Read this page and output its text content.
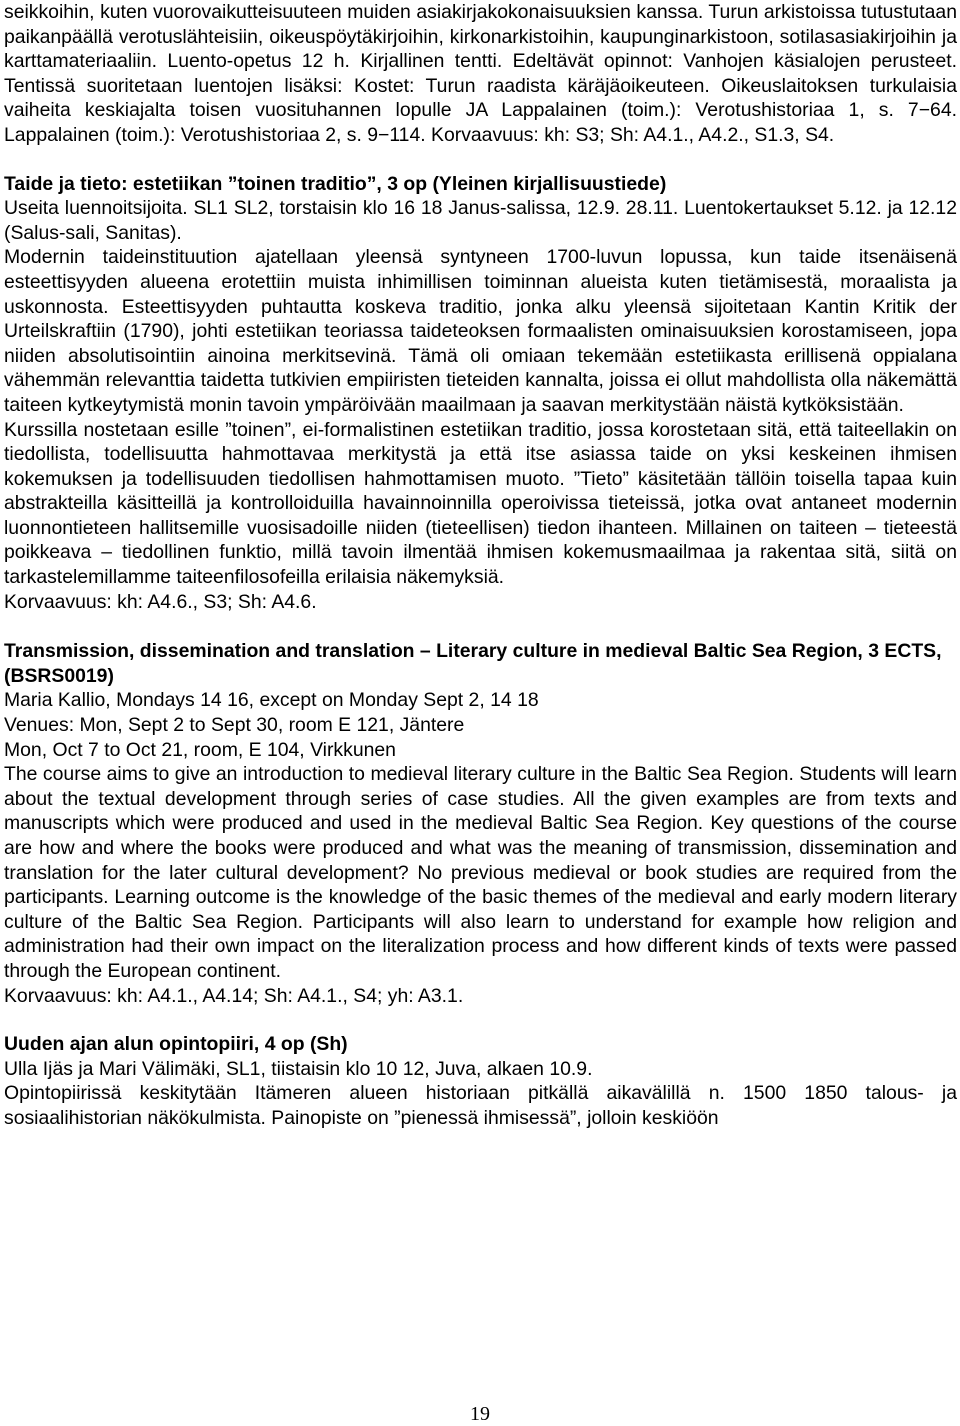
seikkoihin, kuten vuorovaikutteisuuteen muiden asiakirjakokonaisuuksien kanssa. Turun arkistoissa tutustutaan paikanpäällä verotuslähteisiin, oikeuspöytäkirjoihin, kirkonarkistoihin, kaupunginarkistoon, sotilasasiakirjoihin ja karttamateriaaliin. Luento-opetus 12 h. Kirjallinen tentti. Edeltävät opinnot: Vanhojen käsialojen perusteet. Tentissä suoritetaan luentojen lisäksi: Kostet: Turun raadista käräjäoikeuteen. Oikeuslaitoksen turkulaisia vaiheita keskiajalta toisen vuosituhannen lopulle JA Lappalainen (toim.): Verotushistoriaa 1, s. 7−64. Lappalainen (toim.): Verotushistoriaa 2, s. 9−114. Korvaavuus: kh: S3; Sh: A4.1., A4.2., S1.3, S4.

Taide ja tieto: estetiikan ”toinen traditio”, 3 op (Yleinen kirjallisuustiede)

Useita luennoitsijoita. SL1 SL2, torstaisin klo 16 18 Janus-salissa, 12.9. 28.11. Luentokertaukset 5.12. ja 12.12 (Salus-sali, Sanitas).

Modernin taideinstituution ajatellaan yleensä syntyneen 1700-luvun lopussa, kun taide itsenäisenä esteettisyyden alueena erotettiin muista inhimillisen toiminnan alueista kuten tietämisestä, moraalista ja uskonnosta. Esteettisyyden puhtautta koskeva traditio, jonka alku yleensä sijoitetaan Kantin Kritik der Urteilskraftiin (1790), johti estetiikan teoriassa taideteoksen formaalisten ominaisuuksien korostamiseen, jopa niiden absolutisointiin ainoina merkitsevinä. Tämä oli omiaan tekemään estetiikasta erillisenä oppialana vähemmän relevanttia taidetta tutkivien empiiristen tieteiden kannalta, joissa ei ollut mahdollista olla näkemättä taiteen kytkeytymistä monin tavoin ympäröivään maailmaan ja saavan merkitystään näistä kytköksistään.

Kurssilla nostetaan esille ”toinen”, ei-formalistinen estetiikan traditio, jossa korostetaan sitä, että taiteellakin on tiedollista, todellisuutta hahmottavaa merkitystä ja että itse asiassa taide on yksi keskeinen ihmisen kokemuksen ja todellisuuden tiedollisen hahmottamisen muoto. ”Tieto” käsitetään tällöin toisella tapaa kuin abstrakteilla käsitteillä ja kontrolloiduilla havainnoinnilla operoivissa tieteissä, jotka ovat antaneet modernin luonnontieteen hallitsemille vuosisadoille niiden (tieteellisen) tiedon ihanteen. Millainen on taiteen – tieteestä poikkeava – tiedollinen funktio, millä tavoin ilmentää ihmisen kokemusmaailmaa ja rakentaa sitä, siitä on tarkastelemillamme taiteenfilosofeilla erilaisia näkemyksiä.

Korvaavuus: kh: A4.6., S3; Sh: A4.6.

Transmission, dissemination and translation – Literary culture in medieval Baltic Sea Region, 3 ECTS, (BSRS0019)

Maria Kallio, Mondays 14 16, except on Monday Sept 2, 14 18

Venues: Mon, Sept 2 to Sept 30, room E 121, Jäntere

Mon, Oct 7 to Oct 21, room, E 104, Virkkunen

The course aims to give an introduction to medieval literary culture in the Baltic Sea Region. Students will learn about the textual development through series of case studies. All the given examples are from texts and manuscripts which were produced and used in the medieval Baltic Sea Region. Key questions of the course are how and where the books were produced and what was the meaning of transmission, dissemination and translation for the later cultural development? No previous medieval or book studies are required from the participants. Learning outcome is the knowledge of the basic themes of the medieval and early modern literary culture of the Baltic Sea Region. Participants will also learn to understand for example how religion and administration had their own impact on the literalization process and how different kinds of texts were passed through the European continent.

Korvaavuus: kh: A4.1., A4.14; Sh: A4.1., S4; yh: A3.1.

Uuden ajan alun opintopiiri, 4 op (Sh)

Ulla Ijäs ja Mari Välimäki, SL1, tiistaisin klo 10 12, Juva, alkaen 10.9.

Opintopiirissä keskitytään Itämeren alueen historiaan pitkällä aikavälillä n. 1500 1850 talous- ja sosiaalihistorian näkökulmista. Painopiste on ”pienessä ihmisessä”, jolloin keskiöön

19
